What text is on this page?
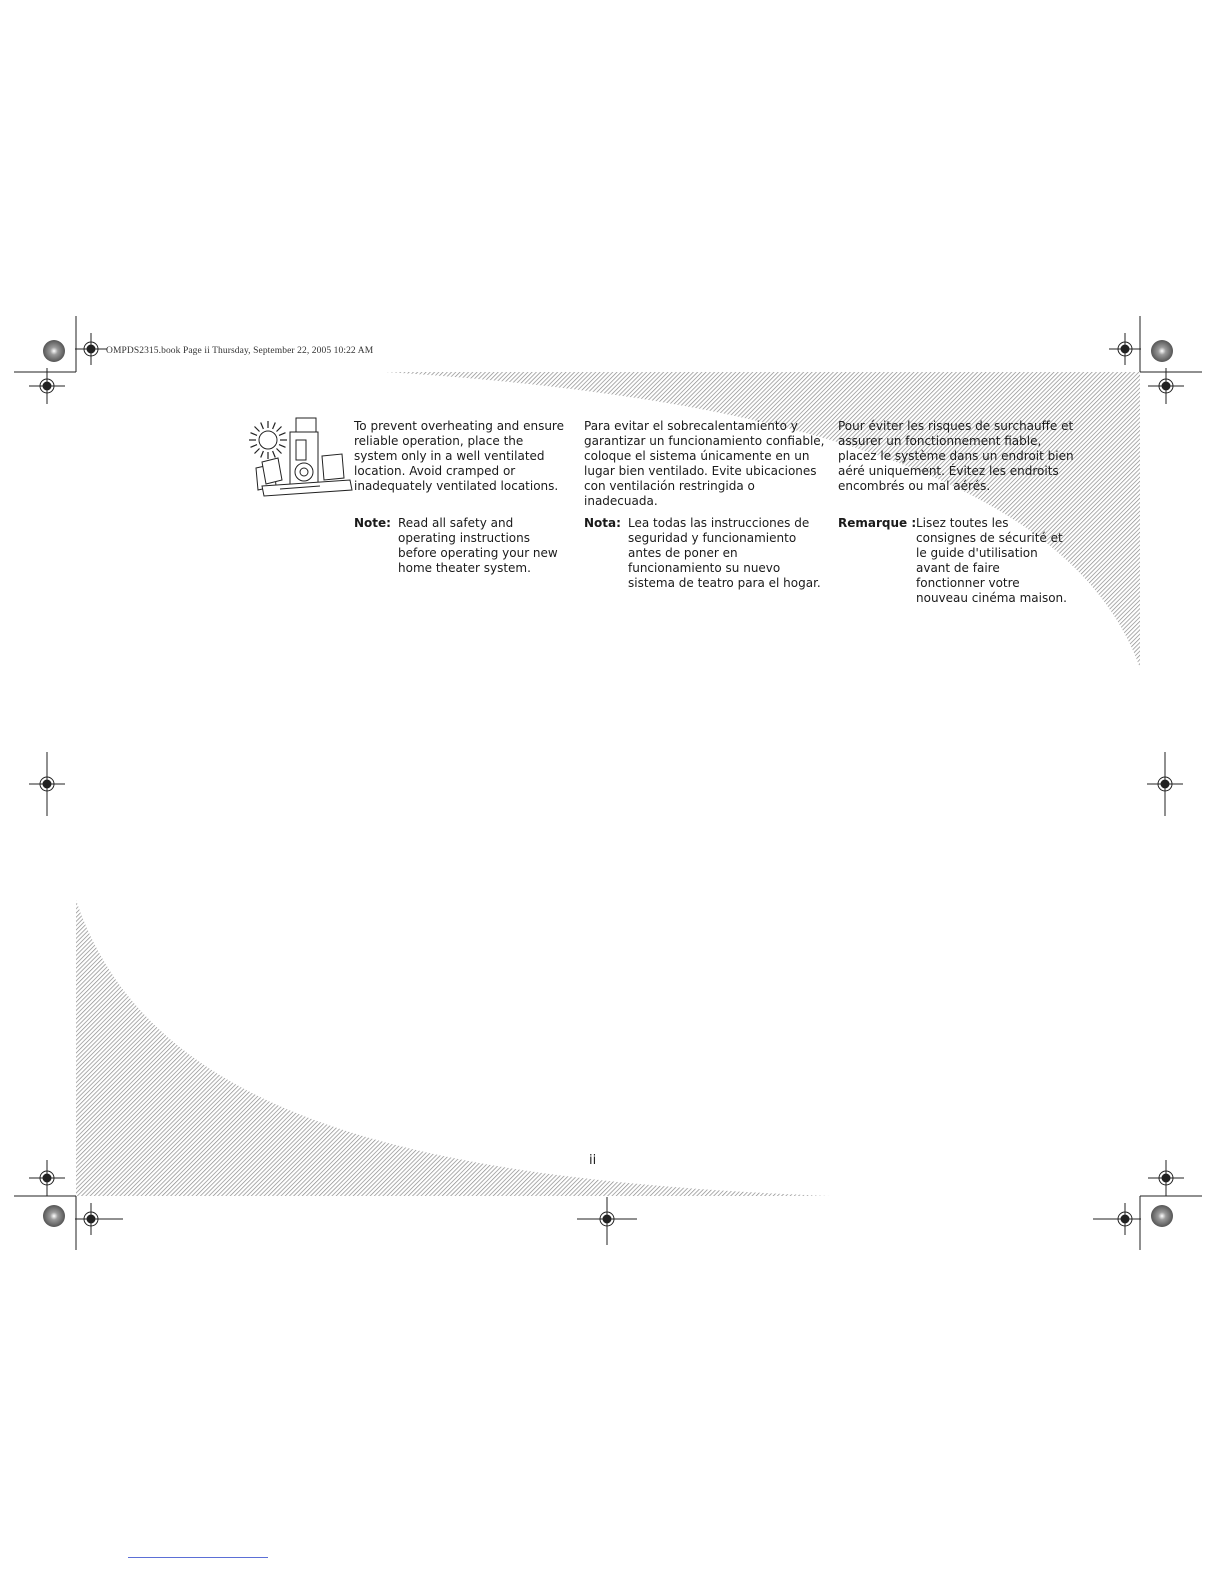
OMPDS2315.book Page ii Thursday, September 22, 2005 10:22 AM

To prevent overheating and ensure reliable operation, place the system only in a well ventilated location. Avoid cramped or inadequately ventilated locations.

Para evitar el sobrecalentamiento y garantizar un funcionamiento confiable, coloque el sistema únicamente en un lugar bien ventilado. Evite ubicaciones con ventilación restringida o inadecuada.

Pour éviter les risques de surchauffe et assurer un fonctionnement fiable, placez le système dans un endroit bien aéré uniquement. Évitez les endroits encombrés ou mal aérés.

Note: Read all safety and operating instructions before operating your new home theater system.
Nota: Lea todas las instrucciones de seguridad y funcionamiento antes de poner en funcionamiento su nuevo sistema de teatro para el hogar.
Remarque : Lisez toutes les consignes de sécurité et le guide d'utilisation avant de faire fonctionner votre nouveau cinéma maison.
ii
